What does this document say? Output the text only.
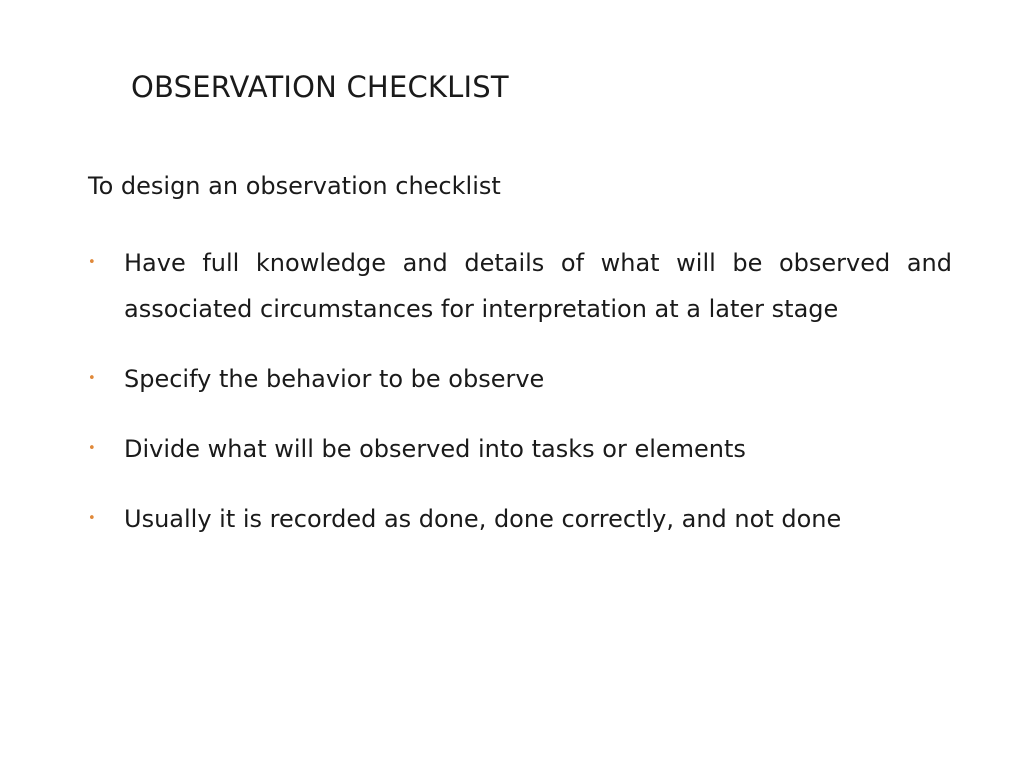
OBSERVATION CHECKLIST
To design an observation checklist
• Have full knowledge and details of what will be observed and associated circumstances for interpretation at a later stage
• Specify the behavior to be observe
• Divide what will be observed into tasks or elements
• Usually it is recorded as done, done correctly, and not done
